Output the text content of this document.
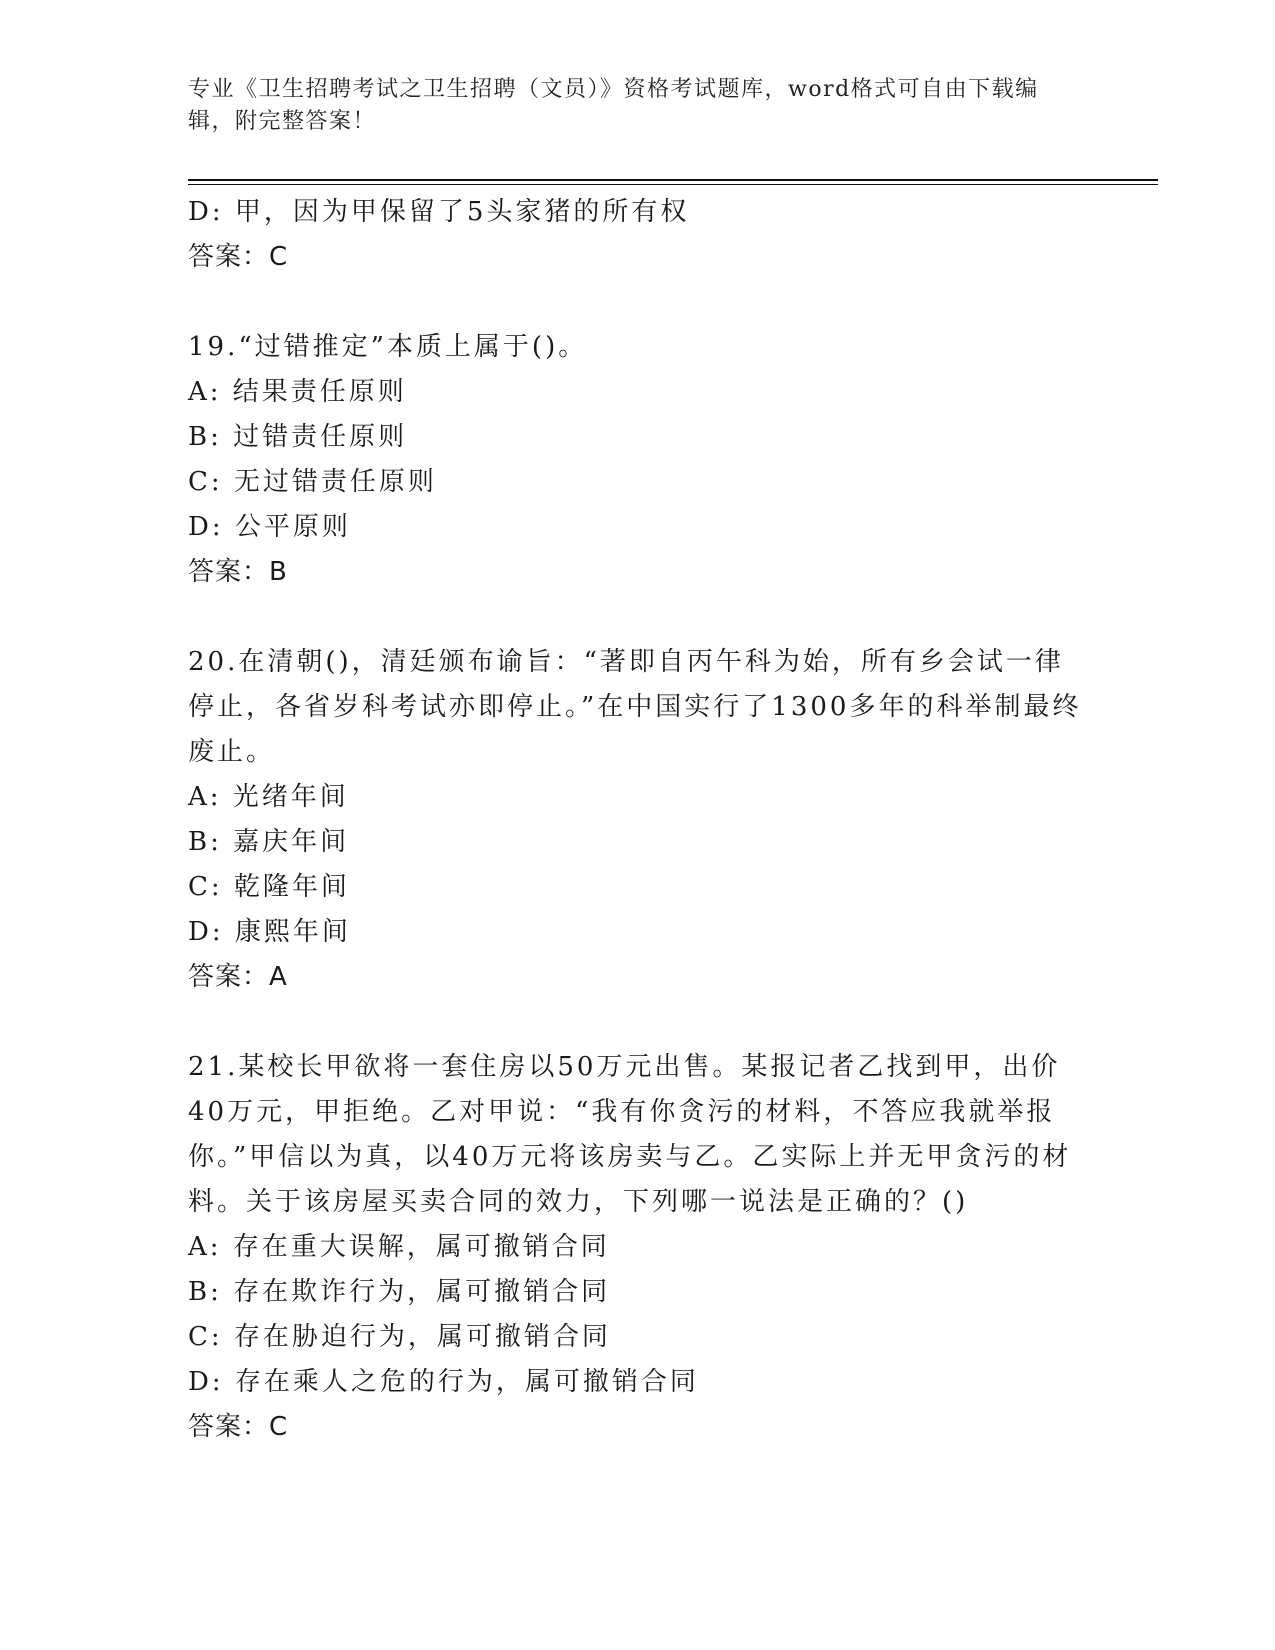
专业《卫生招聘考试之卫生招聘（文员）》资格考试题库，word格式可自由下载编辑，附完整答案！
D: 甲，因为甲保留了5头家猪的所有权
答案：C
19.“过错推定”本质上属于()。
A: 结果责任原则
B: 过错责任原则
C: 无过错责任原则
D: 公平原则
答案：B
20.在清朝()，清廷颁布谕旨：“著即自丙午科为始，所有乡会试一律停止，各省岁科考试亦即停止。”在中国实行了1300多年的科举制最终废止。
A: 光绪年间
B: 嘉庆年间
C: 乾隆年间
D: 康熙年间
答案：A
21.某校长甲欲将一套住房以50万元出售。某报记者乙找到甲，出价40万元，甲拒绝。乙对甲说：“我有你贪污的材料，不答应我就举报你。”甲信以为真，以40万元将该房卖与乙。乙实际上并无甲贪污的材料。关于该房屋买卖合同的效力，下列哪一说法是正确的？()
A: 存在重大误解，属可撤销合同
B: 存在欺诈行为，属可撤销合同
C: 存在胁迫行为，属可撤销合同
D: 存在乘人之危的行为，属可撤销合同
答案：C
